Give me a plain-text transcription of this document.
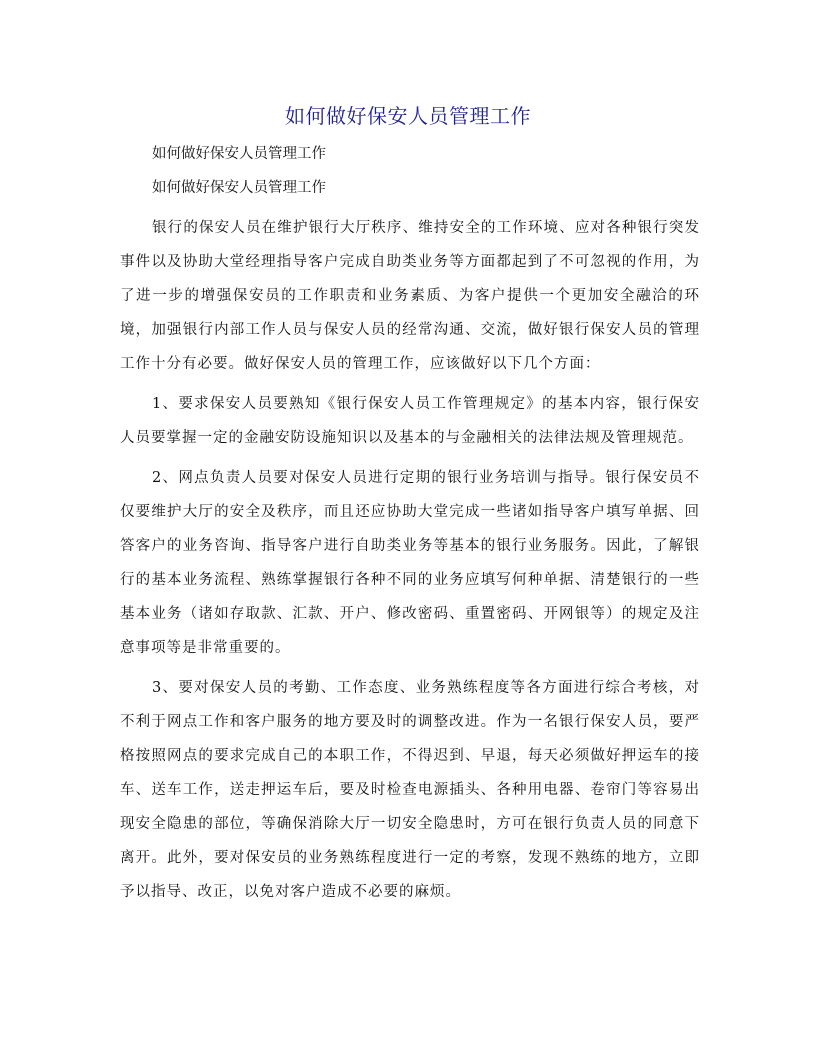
如何做好保安人员管理工作

如何做好保安人员管理工作

如何做好保安人员管理工作

银行的保安人员在维护银行大厅秩序、维持安全的工作环境、应对各种银行突发事件以及协助大堂经理指导客户完成自助类业务等方面都起到了不可忽视的作用，为了进一步的增强保安员的工作职责和业务素质、为客户提供一个更加安全融洽的环境，加强银行内部工作人员与保安人员的经常沟通、交流，做好银行保安人员的管理工作十分有必要。做好保安人员的管理工作，应该做好以下几个方面：

1、要求保安人员要熟知《银行保安人员工作管理规定》的基本内容，银行保安人员要掌握一定的金融安防设施知识以及基本的与金融相关的法律法规及管理规范。

2、网点负责人员要对保安人员进行定期的银行业务培训与指导。银行保安员不仅要维护大厅的安全及秩序，而且还应协助大堂完成一些诸如指导客户填写单据、回答客户的业务咨询、指导客户进行自助类业务等基本的银行业务服务。因此，了解银行的基本业务流程、熟练掌握银行各种不同的业务应填写何种单据、清楚银行的一些基本业务（诸如存取款、汇款、开户、修改密码、重置密码、开网银等）的规定及注意事项等是非常重要的。

3、要对保安人员的考勤、工作态度、业务熟练程度等各方面进行综合考核，对不利于网点工作和客户服务的地方要及时的调整改进。作为一名银行保安人员，要严格按照网点的要求完成自己的本职工作，不得迟到、早退，每天必须做好押运车的接车、送车工作，送走押运车后，要及时检查电源插头、各种用电器、卷帘门等容易出现安全隐患的部位，等确保消除大厅一切安全隐患时，方可在银行负责人员的同意下离开。此外，要对保安员的业务熟练程度进行一定的考察，发现不熟练的地方，立即予以指导、改正，以免对客户造成不必要的麻烦。
